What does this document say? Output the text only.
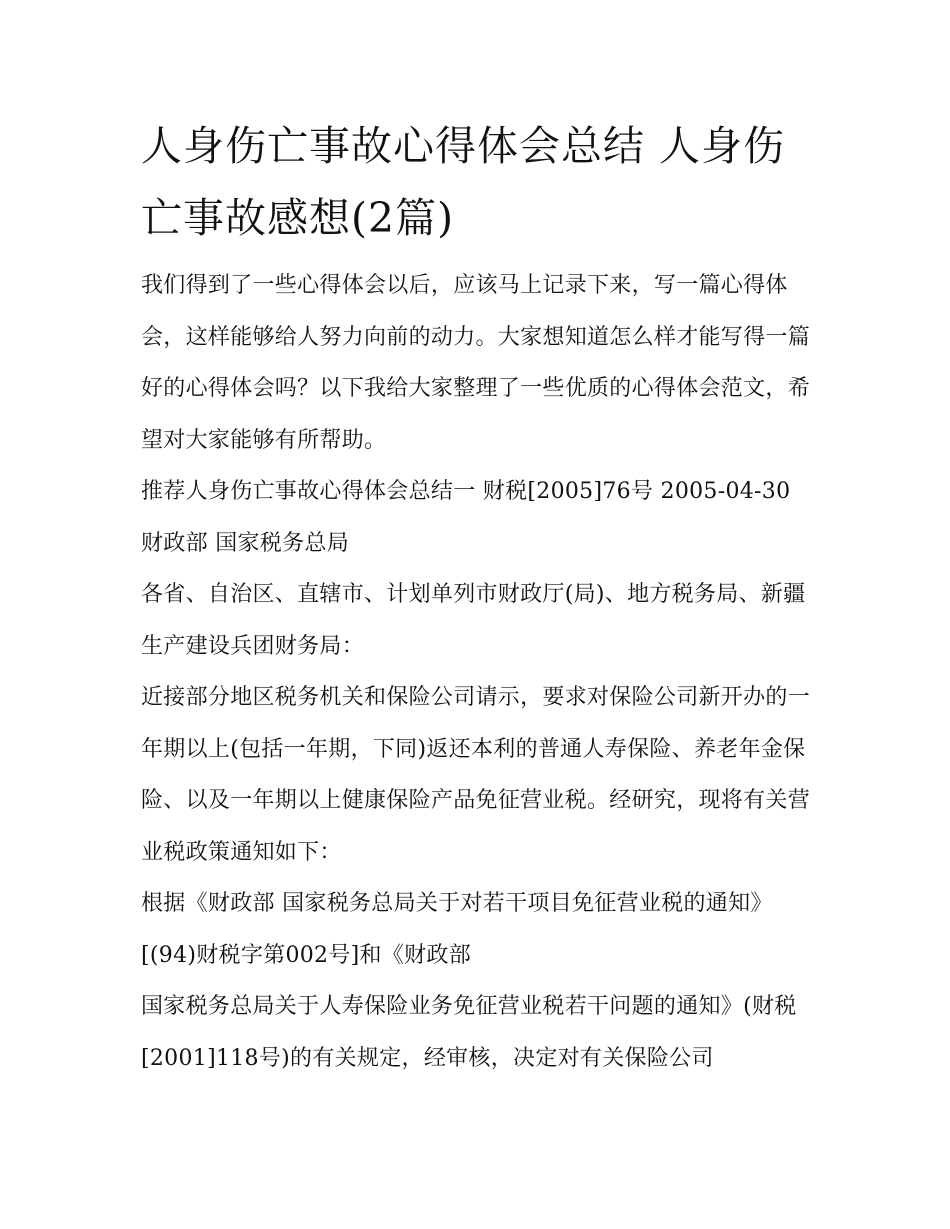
人身伤亡事故心得体会总结 人身伤亡事故感想(2篇)

我们得到了一些心得体会以后，应该马上记录下来，写一篇心得体会，这样能够给人努力向前的动力。大家想知道怎么样才能写得一篇好的心得体会吗？以下我给大家整理了一些优质的心得体会范文，希望对大家能够有所帮助。

推荐人身伤亡事故心得体会总结一 财税[2005]76号 2005-04-30 财政部 国家税务总局

各省、自治区、直辖市、计划单列市财政厅(局)、地方税务局、新疆生产建设兵团财务局：

近接部分地区税务机关和保险公司请示，要求对保险公司新开办的一年期以上(包括一年期，下同)返还本利的普通人寿保险、养老年金保险、以及一年期以上健康保险产品免征营业税。经研究，现将有关营业税政策通知如下：

根据《财政部 国家税务总局关于对若干项目免征营业税的通知》[(94)财税字第002号]和《财政部

国家税务总局关于人寿保险业务免征营业税若干问题的通知》(财税[2001]118号)的有关规定，经审核，决定对有关保险公司
